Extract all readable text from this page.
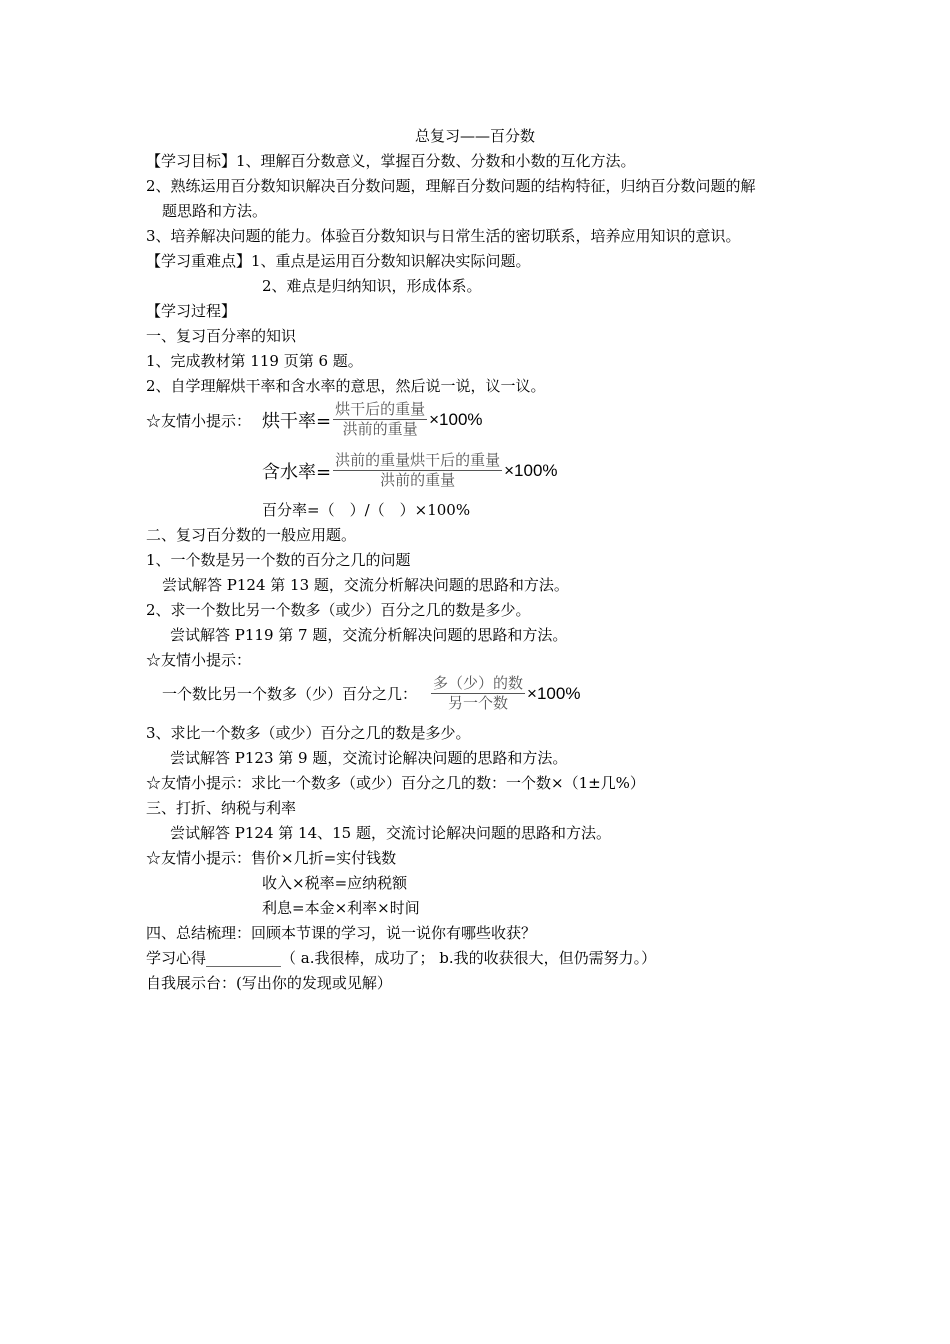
总复习——百分数
【学习目标】1、理解百分数意义，掌握百分数、分数和小数的互化方法。
2、熟练运用百分数知识解决百分数问题，理解百分数问题的结构特征，归纳百分数问题的解
题思路和方法。
3、培养解决问题的能力。体验百分数知识与日常生活的密切联系，培养应用知识的意识。
【学习重难点】1、重点是运用百分数知识解决实际问题。
2、难点是归纳知识，形成体系。
【学习过程】
一、复习百分率的知识
1、完成教材第 119 页第 6 题。
2、自学理解烘干率和含水率的意思，然后说一说，议一议。
☆友情小提示： 烘干率= $\frac{\text{烘干后的重量}}{\text{洪前的重量}} \times 100\%$
含水率= $\frac{\text{洪前的重量烘干后的重量}}{\text{洪前的重量}} \times 100\%$
百分率=（　）/（　）×100%
二、复习百分数的一般应用题。
1、一个数是另一个数的百分之几的问题
尝试解答 P124 第 13 题，交流分析解决问题的思路和方法。
2、求一个数比另一个数多（或少）百分之几的数是多少。
尝试解答 P119 第 7 题，交流分析解决问题的思路和方法。
☆友情小提示：
一个数比另一个数多（少）百分之几： $\frac{\text{多（少）的数}}{\text{另一个数}} \times 100\%$
3、求比一个数多（或少）百分之几的数是多少。
尝试解答 P123 第 9 题，交流讨论解决问题的思路和方法。
☆友情小提示：求比一个数多（或少）百分之几的数：一个数×（1±几%）
三、打折、纳税与利率
尝试解答 P124 第 14、15 题，交流讨论解决问题的思路和方法。
☆友情小提示：售价×几折=实付钱数
收入×税率=应纳税额
利息=本金×利率×时间
四、总结梳理：回顾本节课的学习，说一说你有哪些收获？
学习心得__________（ a.我很棒，成功了； b.我的收获很大，但仍需努力。）
自我展示台：(写出你的发现或见解）
